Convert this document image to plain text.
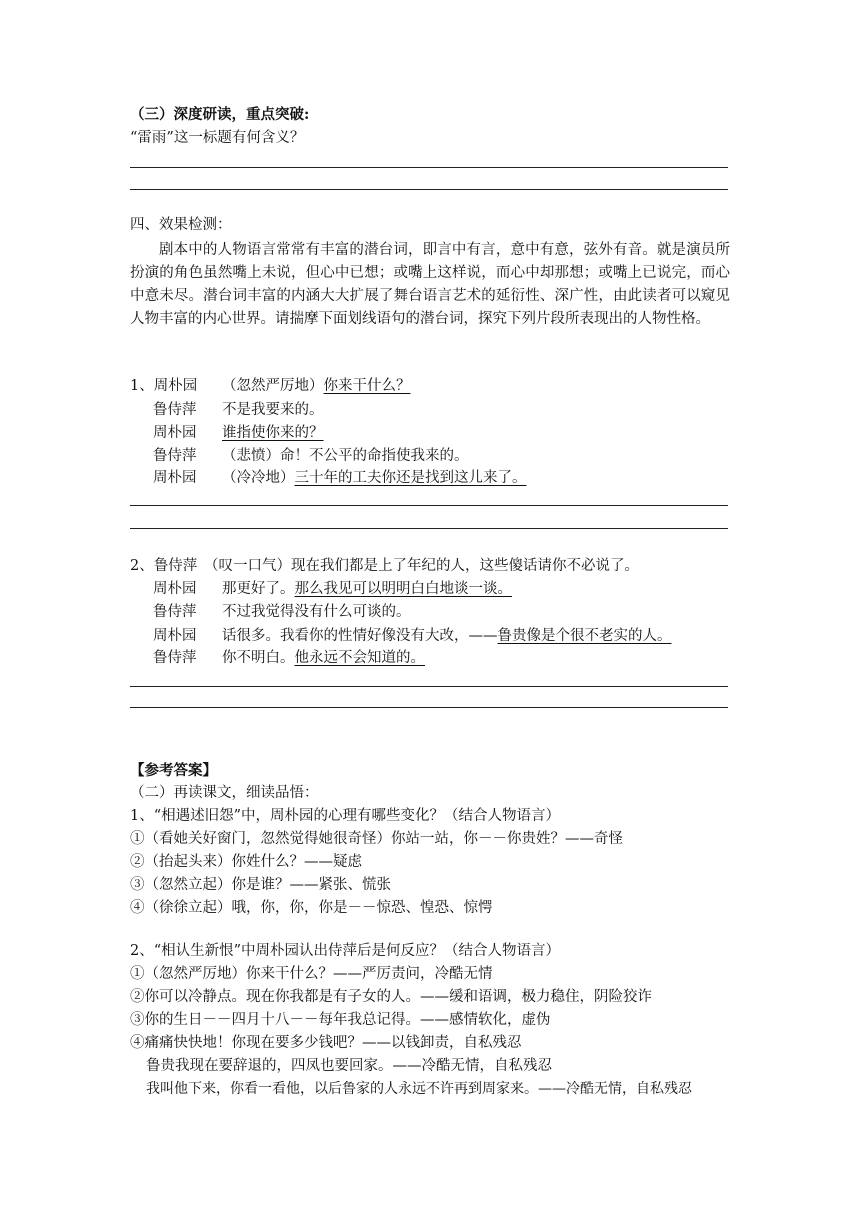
（三）深度研读，重点突破:
“雷雨”这一标题有何含义？
四、效果检测：

剧本中的人物语言常常有丰富的潜台词，即言中有言，意中有意，弦外有音。就是演员所扮演的角色虽然嘴上未说，但心中已想；或嘴上这样说，而心中却那想；或嘴上已说完，而心中意未尽。潜台词丰富的内涵大大扩展了舞台语言艺术的延衍性、深广性，由此读者可以窥见人物丰富的内心世界。请揣摩下面划线语句的潜台词，探究下列片段所表现出的人物性格。

1、周朴园 （忽然严厉地）你来干什么？
鲁侍萍 不是我要来的。
周朴园 谁指使你来的？
鲁侍萍 （悲愤）命！不公平的命指使我来的。
周朴园 （冷冷地）三十年的工夫你还是找到这儿来了。
2、鲁侍萍 （叹一口气）现在我们都是上了年纪的人，这些傻话请你不必说了。
周朴园 那更好了。那么我见可以明明白白地谈一谈。
鲁侍萍 不过我觉得没有什么可谈的。
周朴园 话很多。我看你的性情好像没有大改，——鲁贵像是个很不老实的人。
鲁侍萍 你不明白。他永远不会知道的。
【参考答案】
（二）再读课文，细读品悟：
1、“相遇述旧怨”中，周朴园的心理有哪些变化？（结合人物语言）
①（看她关好窗门，忽然觉得她很奇怪）你站一站，你－－你贵姓？——奇怪
②（抬起头来）你姓什么？——疑虑
③（忽然立起）你是谁？——紧张、慌张
④（徐徐立起）哦，你，你，你是－－惊恐、惶恐、惊愕
2、“相认生新恨”中周朴园认出侍萍后是何反应？（结合人物语言）
①（忽然严厉地）你来干什么？——严厉责问，冷酷无情
②你可以冷静点。现在你我都是有子女的人。——缓和语调，极力稳住，阴险狡诈
③你的生日－－四月十八－－每年我总记得。——感情软化，虚伪
④痛痛快快地！你现在要多少钱吧？——以钱卸责，自私残忍
鲁贵我现在要辞退的，四凤也要回家。——冷酷无情，自私残忍
我叫他下来，你看一看他，以后鲁家的人永远不许再到周家来。——冷酷无情，自私残忍
